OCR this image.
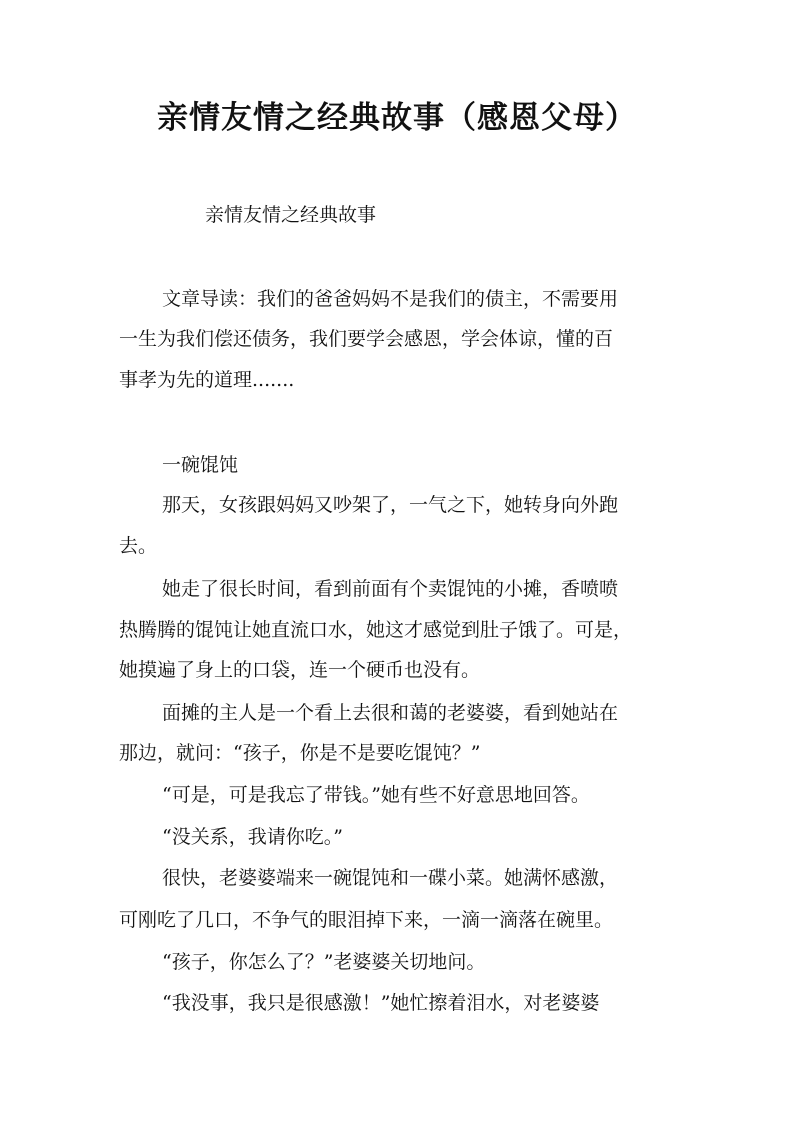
亲情友情之经典故事（感恩父母）
亲情友情之经典故事
文章导读：我们的爸爸妈妈不是我们的债主，不需要用
一生为我们偿还债务，我们要学会感恩，学会体谅，懂的百
事孝为先的道理.......
一碗馄饨
那天，女孩跟妈妈又吵架了，一气之下，她转身向外跑
去。
她走了很长时间，看到前面有个卖馄饨的小摊，香喷喷
热腾腾的馄饨让她直流口水，她这才感觉到肚子饿了。可是，
她摸遍了身上的口袋，连一个硬币也没有。
面摊的主人是一个看上去很和蔼的老婆婆，看到她站在
那边，就问：“孩子，你是不是要吃馄饨？”
“可是，可是我忘了带钱。”她有些不好意思地回答。
“没关系，我请你吃。”
很快，老婆婆端来一碗馄饨和一碟小菜。她满怀感激，
可刚吃了几口，不争气的眼泪掉下来，一滴一滴落在碗里。
“孩子，你怎么了？”老婆婆关切地问。
“我没事，我只是很感激！”她忙擦着泪水，对老婆婆
